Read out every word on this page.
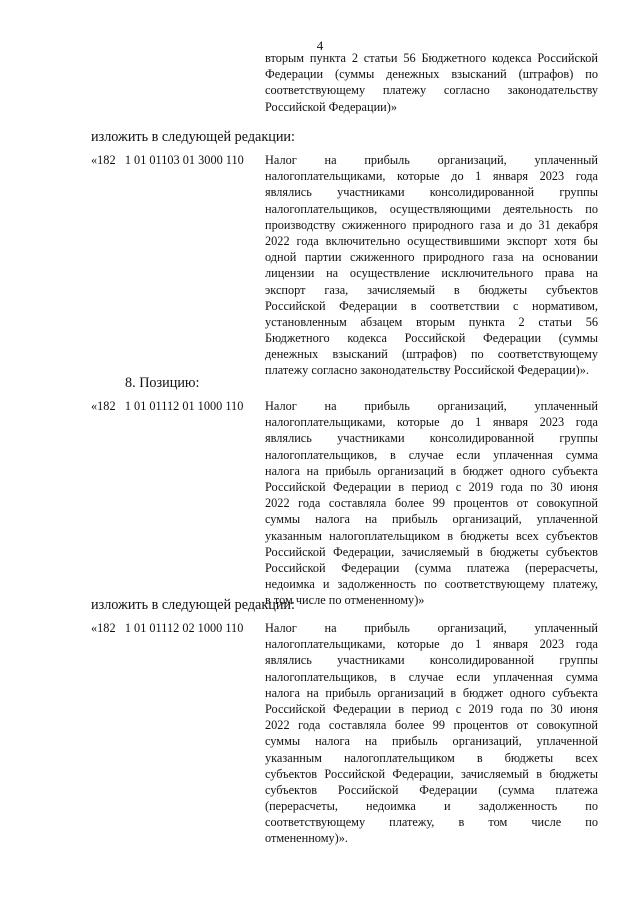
4
вторым пункта 2 статьи 56 Бюджетного кодекса Российской
Федерации (суммы денежных взысканий (штрафов) по
соответствующему платежу согласно законодательству
Российской Федерации)»
изложить в следующей редакции:
«182   1 01 01103 01 3000 110 Налог на прибыль организаций, уплаченный
налогоплательщиками, которые до 1 января 2023 года
являлись участниками консолидированной группы
налогоплательщиков, осуществляющими деятельность по
производству сжиженного природного газа и до 31 декабря
2022 года включительно осуществившими экспорт хотя бы
одной партии сжиженного природного газа на основании
лицензии на осуществление исключительного права на
экспорт газа, зачисляемый в бюджеты субъектов
Российской Федерации в соответствии с нормативом,
установленным абзацем вторым пункта 2 статьи 56
Бюджетного кодекса Российской Федерации (суммы
денежных взысканий (штрафов) по соответствующему
платежу согласно законодательству Российской Федерации)».
8. Позицию:
«182   1 01 01112 01 1000 110 Налог на прибыль организаций, уплаченный
налогоплательщиками, которые до 1 января 2023 года
являлись участниками консолидированной группы
налогоплательщиков, в случае если уплаченная сумма
налога на прибыль организаций в бюджет одного субъекта
Российской Федерации в период с 2019 года по 30 июня
2022 года составляла более 99 процентов от совокупной
суммы налога на прибыль организаций, уплаченной
указанным налогоплательщиком в бюджеты всех субъектов
Российской Федерации, зачисляемый в бюджеты субъектов
Российской Федерации (сумма платежа (перерасчеты,
недоимка и задолженность по соответствующему платежу,
в том числе по отмененному)»
изложить в следующей редакции:
«182   1 01 01112 02 1000 110 Налог на прибыль организаций, уплаченный
налогоплательщиками, которые до 1 января 2023 года
являлись участниками консолидированной группы
налогоплательщиков, в случае если уплаченная сумма
налога на прибыль организаций в бюджет одного субъекта
Российской Федерации в период с 2019 года по 30 июня
2022 года составляла более 99 процентов от совокупной
суммы налога на прибыль организаций, уплаченной
указанным налогоплательщиком в бюджеты всех
субъектов Российской Федерации, зачисляемый в бюджеты
субъектов Российской Федерации (сумма платежа
(перерасчеты, недоимка и задолженность по
соответствующему платежу, в том числе по
отмененному)».
